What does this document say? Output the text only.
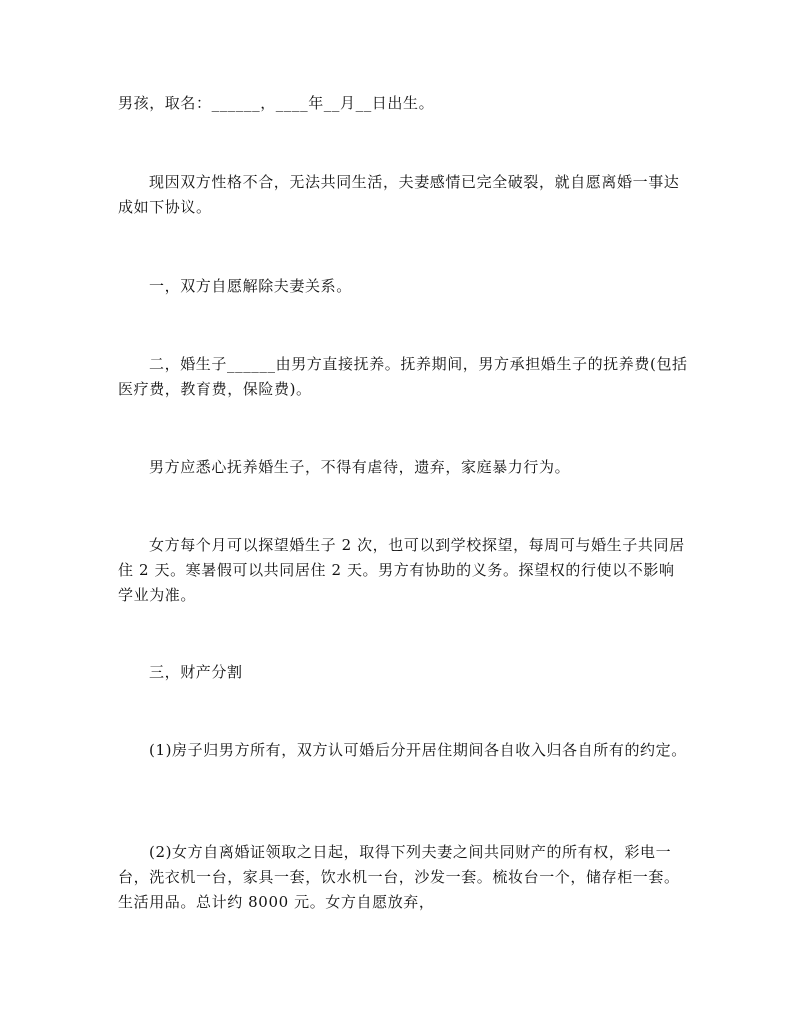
男孩，取名：______，____年__月__日出生。

现因双方性格不合，无法共同生活，夫妻感情已完全破裂，就自愿离婚一事达成如下协议。

一，双方自愿解除夫妻关系。

二，婚生子______由男方直接抚养。抚养期间，男方承担婚生子的抚养费(包括医疗费，教育费，保险费)。

男方应悉心抚养婚生子，不得有虐待，遗弃，家庭暴力行为。

女方每个月可以探望婚生子 2 次，也可以到学校探望，每周可与婚生子共同居住 2 天。寒暑假可以共同居住 2 天。男方有协助的义务。探望权的行使以不影响学业为准。

三，财产分割

(1)房子归男方所有，双方认可婚后分开居住期间各自收入归各自所有的约定。

(2)女方自离婚证领取之日起，取得下列夫妻之间共同财产的所有权，彩电一台，洗衣机一台，家具一套，饮水机一台，沙发一套。梳妆台一个，储存柜一套。生活用品。总计约 8000 元。女方自愿放弃，
